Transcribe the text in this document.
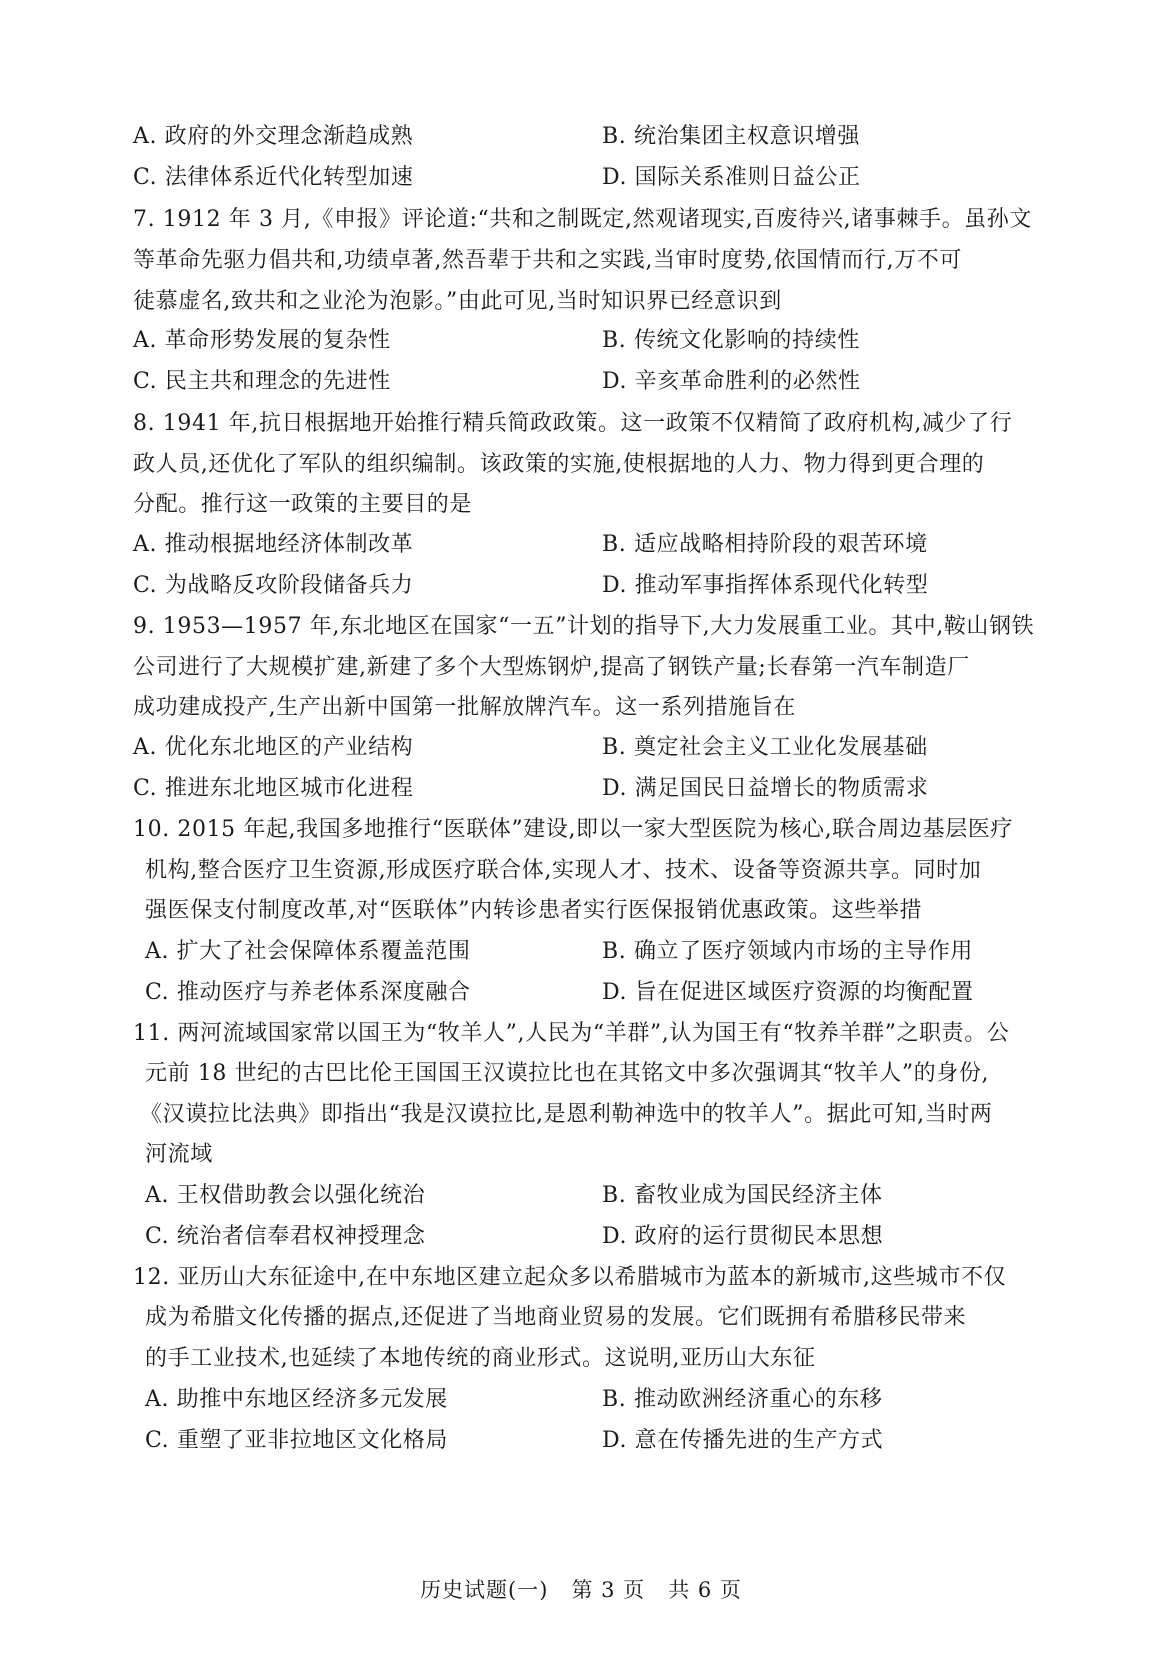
A. 政府的外交理念渐趋成熟	B. 统治集团主权意识增强
C. 法律体系近代化转型加速	D. 国际关系准则日益公正
7. 1912 年 3 月,《申报》评论道:“共和之制既定,然观诸现实,百废待兴,诸事棘手。虽孙文
等革命先驱力倡共和,功绩卓著,然吾辈于共和之实践,当审时度势,依国情而行,万不可
徒慕虚名,致共和之业沦为泡影。”由此可见,当时知识界已经意识到
A. 革命形势发展的复杂性	B. 传统文化影响的持续性
C. 民主共和理念的先进性	D. 辛亥革命胜利的必然性
8. 1941 年,抗日根据地开始推行精兵简政政策。这一政策不仅精简了政府机构,减少了行
政人员,还优化了军队的组织编制。该政策的实施,使根据地的人力、物力得到更合理的
分配。推行这一政策的主要目的是
A. 推动根据地经济体制改革	B. 适应战略相持阶段的艰苦环境
C. 为战略反攻阶段储备兵力	D. 推动军事指挥体系现代化转型
9. 1953—1957 年,东北地区在国家“一五”计划的指导下,大力发展重工业。其中,鞍山钢铁
公司进行了大规模扩建,新建了多个大型炼钢炉,提高了钢铁产量;长春第一汽车制造厂
成功建成投产,生产出新中国第一批解放牌汽车。这一系列措施旨在
A. 优化东北地区的产业结构	B. 奠定社会主义工业化发展基础
C. 推进东北地区城市化进程	D. 满足国民日益增长的物质需求
10. 2015 年起,我国多地推行“医联体”建设,即以一家大型医院为核心,联合周边基层医疗
机构,整合医疗卫生资源,形成医疗联合体,实现人才、技术、设备等资源共享。同时加
强医保支付制度改革,对“医联体”内转诊患者实行医保报销优惠政策。这些举措
A. 扩大了社会保障体系覆盖范围	B. 确立了医疗领域内市场的主导作用
C. 推动医疗与养老体系深度融合	D. 旨在促进区域医疗资源的均衡配置
11. 两河流域国家常以国王为“牧羊人”,人民为“羊群”,认为国王有“牧养羊群”之职责。公
元前 18 世纪的古巴比伦王国国王汉谟拉比也在其铭文中多次强调其“牧羊人”的身份,
《汉谟拉比法典》即指出“我是汉谟拉比,是恩利勒神选中的牧羊人”。据此可知,当时两
河流域
A. 王权借助教会以强化统治	B. 畜牧业成为国民经济主体
C. 统治者信奉君权神授理念	D. 政府的运行贯彻民本思想
12. 亚历山大东征途中,在中东地区建立起众多以希腊城市为蓝本的新城市,这些城市不仅
成为希腊文化传播的据点,还促进了当地商业贸易的发展。它们既拥有希腊移民带来
的手工业技术,也延续了本地传统的商业形式。这说明,亚历山大东征
A. 助推中东地区经济多元发展	B. 推动欧洲经济重心的东移
C. 重塑了亚非拉地区文化格局	D. 意在传播先进的生产方式
历史试题(一) 第 3 页 共 6 页
